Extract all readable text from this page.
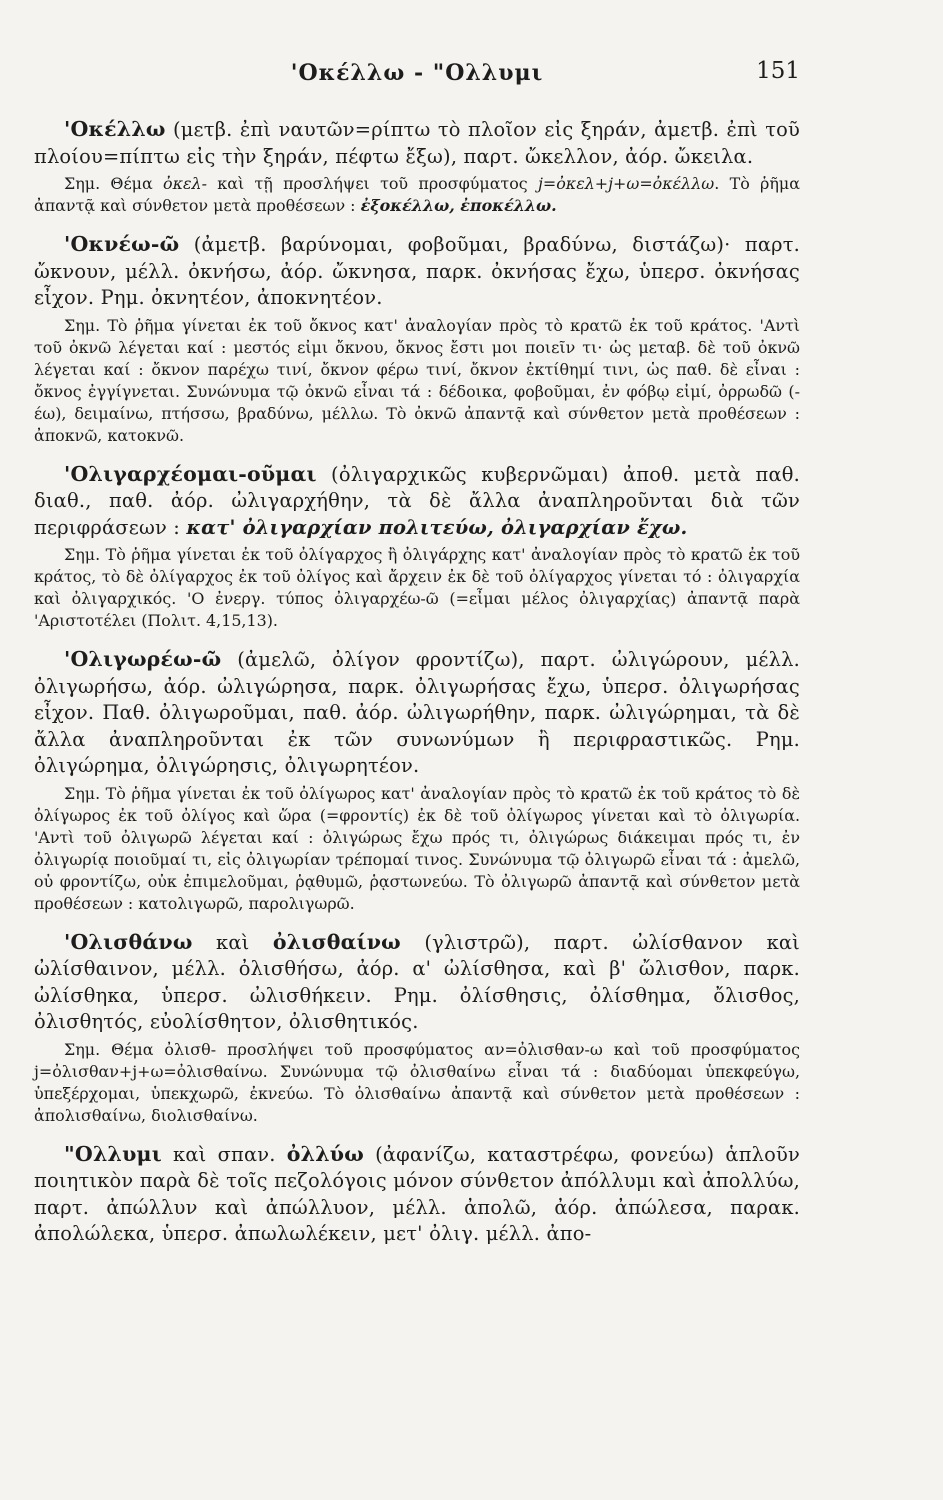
'Οκέλλω - "Ολλυμι	151

'Οκέλλω (μετβ. ἐπὶ ναυτῶν=ρίπτω τὸ πλοῖον εἰς ξηράν, ἀμετβ. ἐπὶ τοῦ πλοίου=πίπτω εἰς τὴν ξηράν, πέφτω ἔξω), παρτ. ὤκελλον, ἀόρ. ὤκειλα.

Σημ. Θέμα ὀκελ- καὶ τῇ προσλήψει τοῦ προσφύματος j=ὀκελ+j+ω=ὀκέλλω. Τὸ ῥῆμα ἀπαντᾷ καὶ σύνθετον μετὰ προθέσεων : ἐξοκέλλω, ἐποκέλλω.

'Οκνέω-ῶ (ἀμετβ. βαρύνομαι, φοβοῦμαι, βραδύνω, διστάζω)· παρτ. ὤκνουν, μέλλ. ὀκνήσω, ἀόρ. ὤκνησα, παρκ. ὀκνήσας ἔχω, ὑπερσ. ὀκνήσας εἶχον. Ρημ. ὀκνητέον, ἀποκνητέον.

Σημ. Τὸ ῥῆμα γίνεται ἐκ τοῦ ὄκνος κατ' ἀναλογίαν πρὸς τὸ κρατῶ ἐκ τοῦ κράτος. 'Αντὶ τοῦ ὀκνῶ λέγεται καί : μεστός εἰμι ὄκνου, ὄκνος ἔστι μοι ποιεῖν τι· ὡς μεταβ. δὲ τοῦ ὀκνῶ λέγεται καί : ὄκνον παρέχω τινί, ὄκνον φέρω τινί, ὄκνον ἐκτίθημί τινι, ὡς παθ. δὲ εἶναι : ὄκνος ἐγγίγνεται. Συνώνυμα τῷ ὀκνῶ εἶναι τά : δέδοικα, φοβοῦμαι, ἐν φόβῳ εἰμί, ὀρρωδῶ (-έω), δειμαίνω, πτήσσω, βραδύνω, μέλλω. Τὸ ὀκνῶ ἀπαντᾷ καὶ σύνθετον μετὰ προθέσεων : ἀποκνῶ, κατοκνῶ.

'Ολιγαρχέομαι-οῦμαι (ὀλιγαρχικῶς κυβερνῶμαι) ἀποθ. μετὰ παθ. διαθ., παθ. ἀόρ. ὠλιγαρχήθην, τὰ δὲ ἄλλα ἀναπληροῦνται διὰ τῶν περιφράσεων : κατ' ὀλιγαρχίαν πολιτεύω, ὀλιγαρχίαν ἔχω.

Σημ. Τὸ ῥῆμα γίνεται ἐκ τοῦ ὀλίγαρχος ἢ ὀλιγάρχης κατ' ἀναλογίαν πρὸς τὸ κρατῶ ἐκ τοῦ κράτος, τὸ δὲ ὀλίγαρχος ἐκ τοῦ ὀλίγος καὶ ἄρχειν ἐκ δὲ τοῦ ὀλίγαρχος γίνεται τό : ὀλιγαρχία καὶ ὀλιγαρχικός. 'Ο ἐνεργ. τύπος ὀλιγαρχέω-ῶ (=εἶμαι μέλος ὀλιγαρχίας) ἀπαντᾷ παρὰ 'Αριστοτέλει (Πολιτ. 4,15,13).

'Ολιγωρέω-ῶ (ἀμελῶ, ὀλίγον φροντίζω), παρτ. ὠλιγώρουν, μέλλ. ὀλιγωρήσω, ἀόρ. ὠλιγώρησα, παρκ. ὀλιγωρήσας ἔχω, ὑπερσ. ὀλιγωρήσας εἶχον. Παθ. ὀλιγωροῦμαι, παθ. ἀόρ. ὠλιγωρήθην, παρκ. ὠλιγώρημαι, τὰ δὲ ἄλλα ἀναπληροῦνται ἐκ τῶν συνωνύμων ἢ περιφραστικῶς. Ρημ. ὀλιγώρημα, ὀλιγώρησις, ὀλιγωρητέον.

Σημ. Τὸ ῥῆμα γίνεται ἐκ τοῦ ὀλίγωρος κατ' ἀναλογίαν πρὸς τὸ κρατῶ ἐκ τοῦ κράτος τὸ δὲ ὀλίγωρος ἐκ τοῦ ὀλίγος καὶ ὥρα (=φροντίς) ἐκ δὲ τοῦ ὀλίγωρος γίνεται καὶ τὸ ὀλιγωρία. 'Αντὶ τοῦ ὀλιγωρῶ λέγεται καί : ὀλιγώρως ἔχω πρός τι, ὀλιγώρως διάκειμαι πρός τι, ἐν ὀλιγωρίᾳ ποιοῦμαί τι, εἰς ὀλιγωρίαν τρέπομαί τινος. Συνώνυμα τῷ ὀλιγωρῶ εἶναι τά : ἀμελῶ, οὐ φροντίζω, οὐκ ἐπιμελοῦμαι, ῥᾳθυμῶ, ῥᾳστωνεύω. Τὸ ὀλιγωρῶ ἀπαντᾷ καὶ σύνθετον μετὰ προθέσεων : κατολιγωρῶ, παρολιγωρῶ.

'Ολισθάνω καὶ ὀλισθαίνω (γλιστρῶ), παρτ. ὠλίσθανον καὶ ὠλίσθαινον, μέλλ. ὀλισθήσω, ἀόρ. α' ὠλίσθησα, καὶ β' ὤλισθον, παρκ. ὠλίσθηκα, ὑπερσ. ὠλισθήκειν. Ρημ. ὀλίσθησις, ὀλίσθημα, ὄλισθος, ὀλισθητός, εὐολίσθητον, ὀλισθητικός.

Σημ. Θέμα ὀλισθ- προσλήψει τοῦ προσφύματος αν=ὀλισθαν-ω καὶ τοῦ προσφύματος j=ὀλισθαν+j+ω=ὀλισθαίνω. Συνώνυμα τῷ ὀλισθαίνω εἶναι τά : διαδύομαι ὑπεκφεύγω, ὑπεξέρχομαι, ὑπεκχωρῶ, ἐκνεύω. Τὸ ὀλισθαίνω ἀπαντᾷ καὶ σύνθετον μετὰ προθέσεων : ἀπολισθαίνω, διολισθαίνω.

"Ολλυμι καὶ σπαν. ὀλλύω (ἀφανίζω, καταστρέφω, φονεύω) ἁπλοῦν ποιητικὸν παρὰ δὲ τοῖς πεζολόγοις μόνον σύνθετον ἀπόλλυμι καὶ ἀπολλύω, παρτ. ἀπώλλυν καὶ ἀπώλλυον, μέλλ. ἀπολῶ, ἀόρ. ἀπώλεσα, παρακ. ἀπολώλεκα, ὑπερσ. ἀπωλωλέκειν, μετ' ὀλιγ. μέλλ. ἀπο-
